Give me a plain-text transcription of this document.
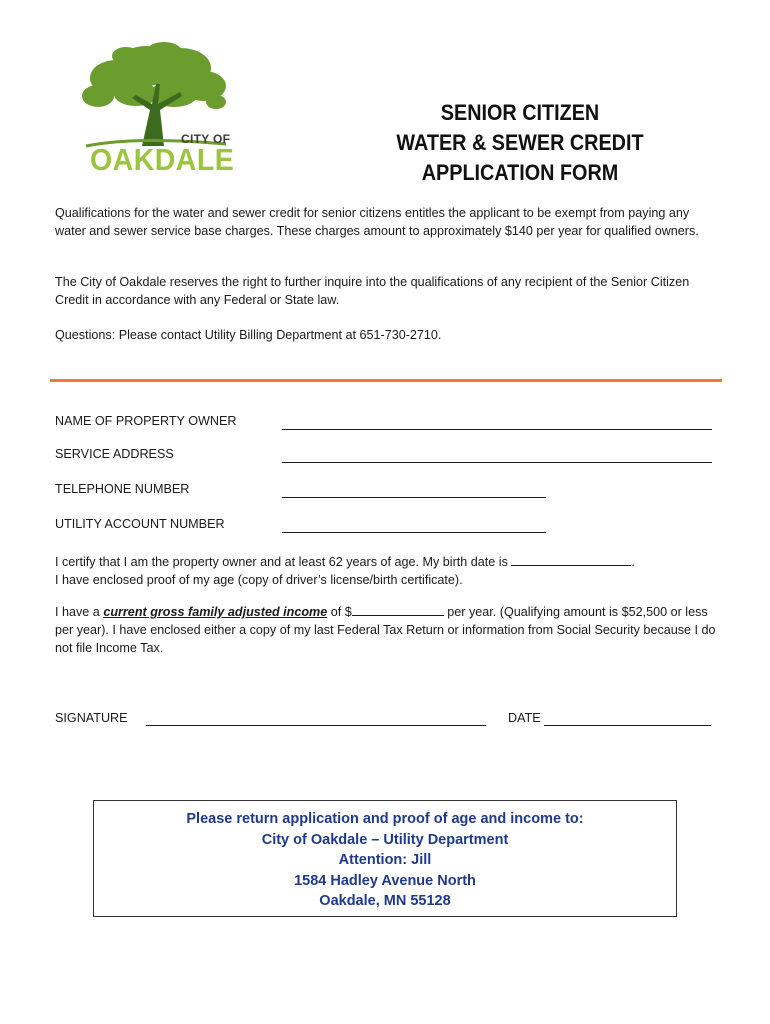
CITY OF
OAKDALE
SENIOR CITIZEN
WATER & SEWER CREDIT
APPLICATION FORM
Qualifications for the water and sewer credit for senior citizens entitles the applicant to be exempt from paying any water and sewer service base charges. These charges amount to approximately $140 per year for qualified owners.
The City of Oakdale reserves the right to further inquire into the qualifications of any recipient of the Senior Citizen Credit in accordance with any Federal or State law.
Questions: Please contact Utility Billing Department at 651-730-2710.
NAME OF PROPERTY OWNER
SERVICE ADDRESS
TELEPHONE NUMBER
UTILITY ACCOUNT NUMBER
I certify that I am the property owner and at least 62 years of age. My birth date is	.
I have enclosed proof of my age (copy of driver’s license/birth certificate).
I have a current gross family adjusted income of $	per year. (Qualifying amount is $52,500 or less per year). I have enclosed either a copy of my last Federal Tax Return or information from Social Security because I do not file Income Tax.
SIGNATURE	DATE
Please return application and proof of age and income to:
City of Oakdale – Utility Department
Attention: Jill
1584 Hadley Avenue North
Oakdale, MN 55128
